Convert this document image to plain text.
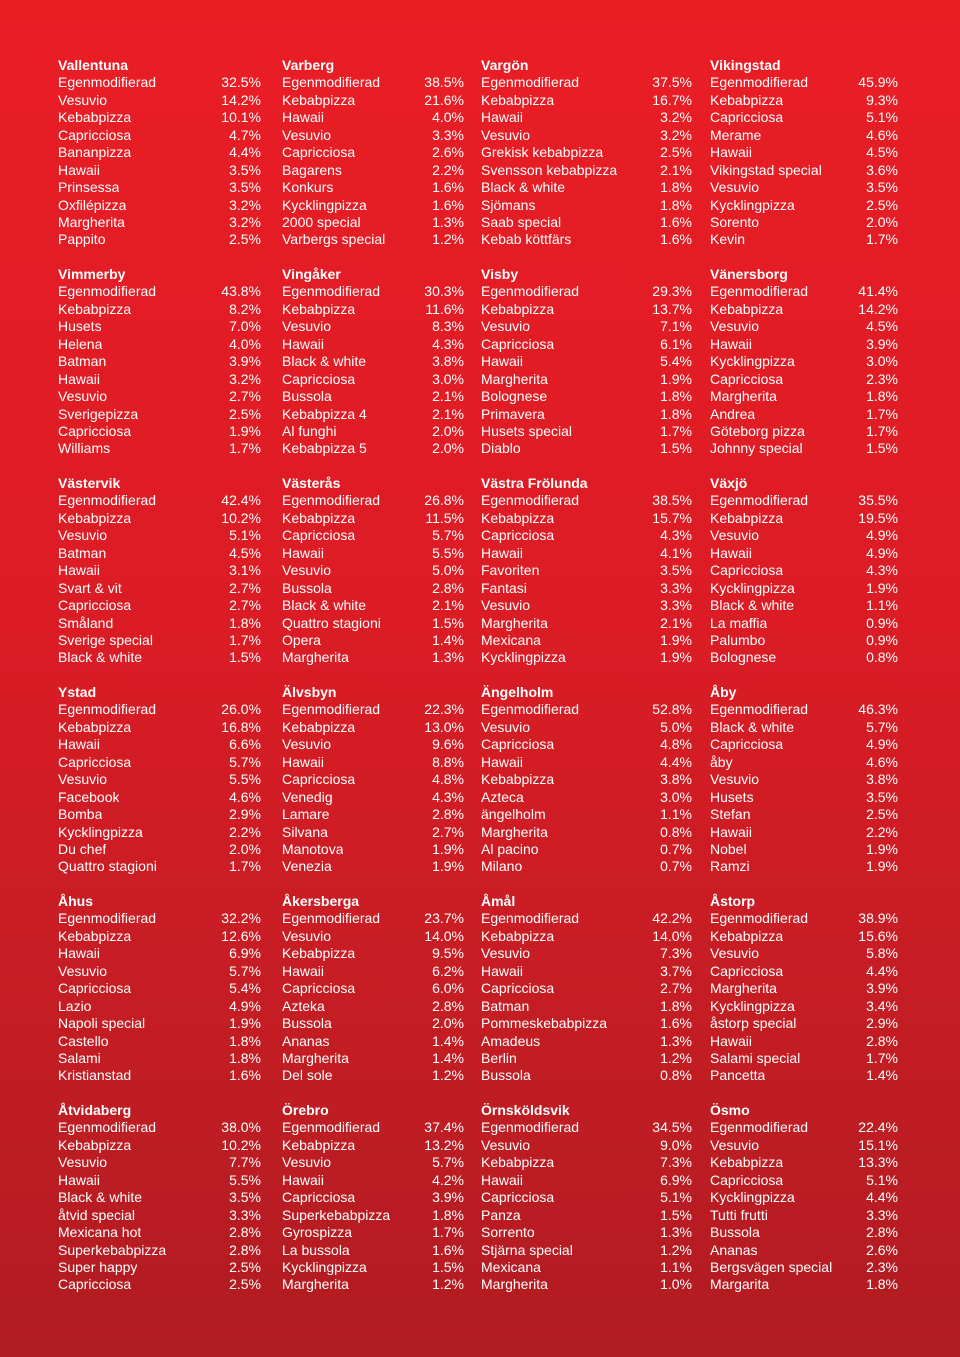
Vallentuna
Egenmodifierad	32.5%
Vesuvio	14.2%
Kebabpizza	10.1%
Capricciosa	4.7%
Bananpizza	4.4%
Hawaii	3.5%
Prinsessa	3.5%
Oxfilépizza	3.2%
Margherita	3.2%
Pappito	2.5%
Varberg
Egenmodifierad	38.5%
Kebabpizza	21.6%
Hawaii	4.0%
Vesuvio	3.3%
Capricciosa	2.6%
Bagarens	2.2%
Konkurs	1.6%
Kycklingpizza	1.6%
2000 special	1.3%
Varbergs special	1.2%
Vargön
Egenmodifierad	37.5%
Kebabpizza	16.7%
Hawaii	3.2%
Vesuvio	3.2%
Grekisk kebabpizza	2.5%
Svensson kebabpizza	2.1%
Black & white	1.8%
Sjömans	1.8%
Saab special	1.6%
Kebab köttfärs	1.6%
Vikingstad
Egenmodifierad	45.9%
Kebabpizza	9.3%
Capricciosa	5.1%
Merame	4.6%
Hawaii	4.5%
Vikingstad special	3.6%
Vesuvio	3.5%
Kycklingpizza	2.5%
Sorento	2.0%
Kevin	1.7%
Vimmerby
Egenmodifierad	43.8%
Kebabpizza	8.2%
Husets	7.0%
Helena	4.0%
Batman	3.9%
Hawaii	3.2%
Vesuvio	2.7%
Sverigepizza	2.5%
Capricciosa	1.9%
Williams	1.7%
Vingåker
Egenmodifierad	30.3%
Kebabpizza	11.6%
Vesuvio	8.3%
Hawaii	4.3%
Black & white	3.8%
Capricciosa	3.0%
Bussola	2.1%
Kebabpizza 4	2.1%
Al funghi	2.0%
Kebabpizza 5	2.0%
Visby
Egenmodifierad	29.3%
Kebabpizza	13.7%
Vesuvio	7.1%
Capricciosa	6.1%
Hawaii	5.4%
Margherita	1.9%
Bolognese	1.8%
Primavera	1.8%
Husets special	1.7%
Diablo	1.5%
Vänersborg
Egenmodifierad	41.4%
Kebabpizza	14.2%
Vesuvio	4.5%
Hawaii	3.9%
Kycklingpizza	3.0%
Capricciosa	2.3%
Margherita	1.8%
Andrea	1.7%
Göteborg pizza	1.7%
Johnny special	1.5%
Västervik
Egenmodifierad	42.4%
Kebabpizza	10.2%
Vesuvio	5.1%
Batman	4.5%
Hawaii	3.1%
Svart & vit	2.7%
Capricciosa	2.7%
Småland	1.8%
Sverige special	1.7%
Black & white	1.5%
Västerås
Egenmodifierad	26.8%
Kebabpizza	11.5%
Capricciosa	5.7%
Hawaii	5.5%
Vesuvio	5.0%
Bussola	2.8%
Black & white	2.1%
Quattro stagioni	1.5%
Opera	1.4%
Margherita	1.3%
Västra Frölunda
Egenmodifierad	38.5%
Kebabpizza	15.7%
Capricciosa	4.3%
Hawaii	4.1%
Favoriten	3.5%
Fantasi	3.3%
Vesuvio	3.3%
Margherita	2.1%
Mexicana	1.9%
Kycklingpizza	1.9%
Växjö
Egenmodifierad	35.5%
Kebabpizza	19.5%
Vesuvio	4.9%
Hawaii	4.9%
Capricciosa	4.3%
Kycklingpizza	1.9%
Black & white	1.1%
La maffia	0.9%
Palumbo	0.9%
Bolognese	0.8%
Ystad
Egenmodifierad	26.0%
Kebabpizza	16.8%
Hawaii	6.6%
Capricciosa	5.7%
Vesuvio	5.5%
Facebook	4.6%
Bomba	2.9%
Kycklingpizza	2.2%
Du chef	2.0%
Quattro stagioni	1.7%
Älvsbyn
Egenmodifierad	22.3%
Kebabpizza	13.0%
Vesuvio	9.6%
Hawaii	8.8%
Capricciosa	4.8%
Venedig	4.3%
Lamare	2.8%
Silvana	2.7%
Manotova	1.9%
Venezia	1.9%
Ängelholm
Egenmodifierad	52.8%
Vesuvio	5.0%
Capricciosa	4.8%
Hawaii	4.4%
Kebabpizza	3.8%
Azteca	3.0%
ängelholm	1.1%
Margherita	0.8%
Al pacino	0.7%
Milano	0.7%
Åby
Egenmodifierad	46.3%
Black & white	5.7%
Capricciosa	4.9%
åby	4.6%
Vesuvio	3.8%
Husets	3.5%
Stefan	2.5%
Hawaii	2.2%
Nobel	1.9%
Ramzi	1.9%
Åhus
Egenmodifierad	32.2%
Kebabpizza	12.6%
Hawaii	6.9%
Vesuvio	5.7%
Capricciosa	5.4%
Lazio	4.9%
Napoli special	1.9%
Castello	1.8%
Salami	1.8%
Kristianstad	1.6%
Åkersberga
Egenmodifierad	23.7%
Vesuvio	14.0%
Kebabpizza	9.5%
Hawaii	6.2%
Capricciosa	6.0%
Azteka	2.8%
Bussola	2.0%
Ananas	1.4%
Margherita	1.4%
Del sole	1.2%
Åmål
Egenmodifierad	42.2%
Kebabpizza	14.0%
Vesuvio	7.3%
Hawaii	3.7%
Capricciosa	2.7%
Batman	1.8%
Pommeskebabpizza	1.6%
Amadeus	1.3%
Berlin	1.2%
Bussola	0.8%
Åstorp
Egenmodifierad	38.9%
Kebabpizza	15.6%
Vesuvio	5.8%
Capricciosa	4.4%
Margherita	3.9%
Kycklingpizza	3.4%
åstorp special	2.9%
Hawaii	2.8%
Salami special	1.7%
Pancetta	1.4%
Åtvidaberg
Egenmodifierad	38.0%
Kebabpizza	10.2%
Vesuvio	7.7%
Hawaii	5.5%
Black & white	3.5%
åtvid special	3.3%
Mexicana hot	2.8%
Superkebabpizza	2.8%
Super happy	2.5%
Capricciosa	2.5%
Örebro
Egenmodifierad	37.4%
Kebabpizza	13.2%
Vesuvio	5.7%
Hawaii	4.2%
Capricciosa	3.9%
Superkebabpizza	1.8%
Gyrospizza	1.7%
La bussola	1.6%
Kycklingpizza	1.5%
Margherita	1.2%
Örnsköldsvik
Egenmodifierad	34.5%
Vesuvio	9.0%
Kebabpizza	7.3%
Hawaii	6.9%
Capricciosa	5.1%
Panza	1.5%
Sorrento	1.3%
Stjärna special	1.2%
Mexicana	1.1%
Margherita	1.0%
Ösmo
Egenmodifierad	22.4%
Vesuvio	15.1%
Kebabpizza	13.3%
Capricciosa	5.1%
Kycklingpizza	4.4%
Tutti frutti	3.3%
Bussola	2.8%
Ananas	2.6%
Bergsvägen special 2.3%
Margarita	1.8%
